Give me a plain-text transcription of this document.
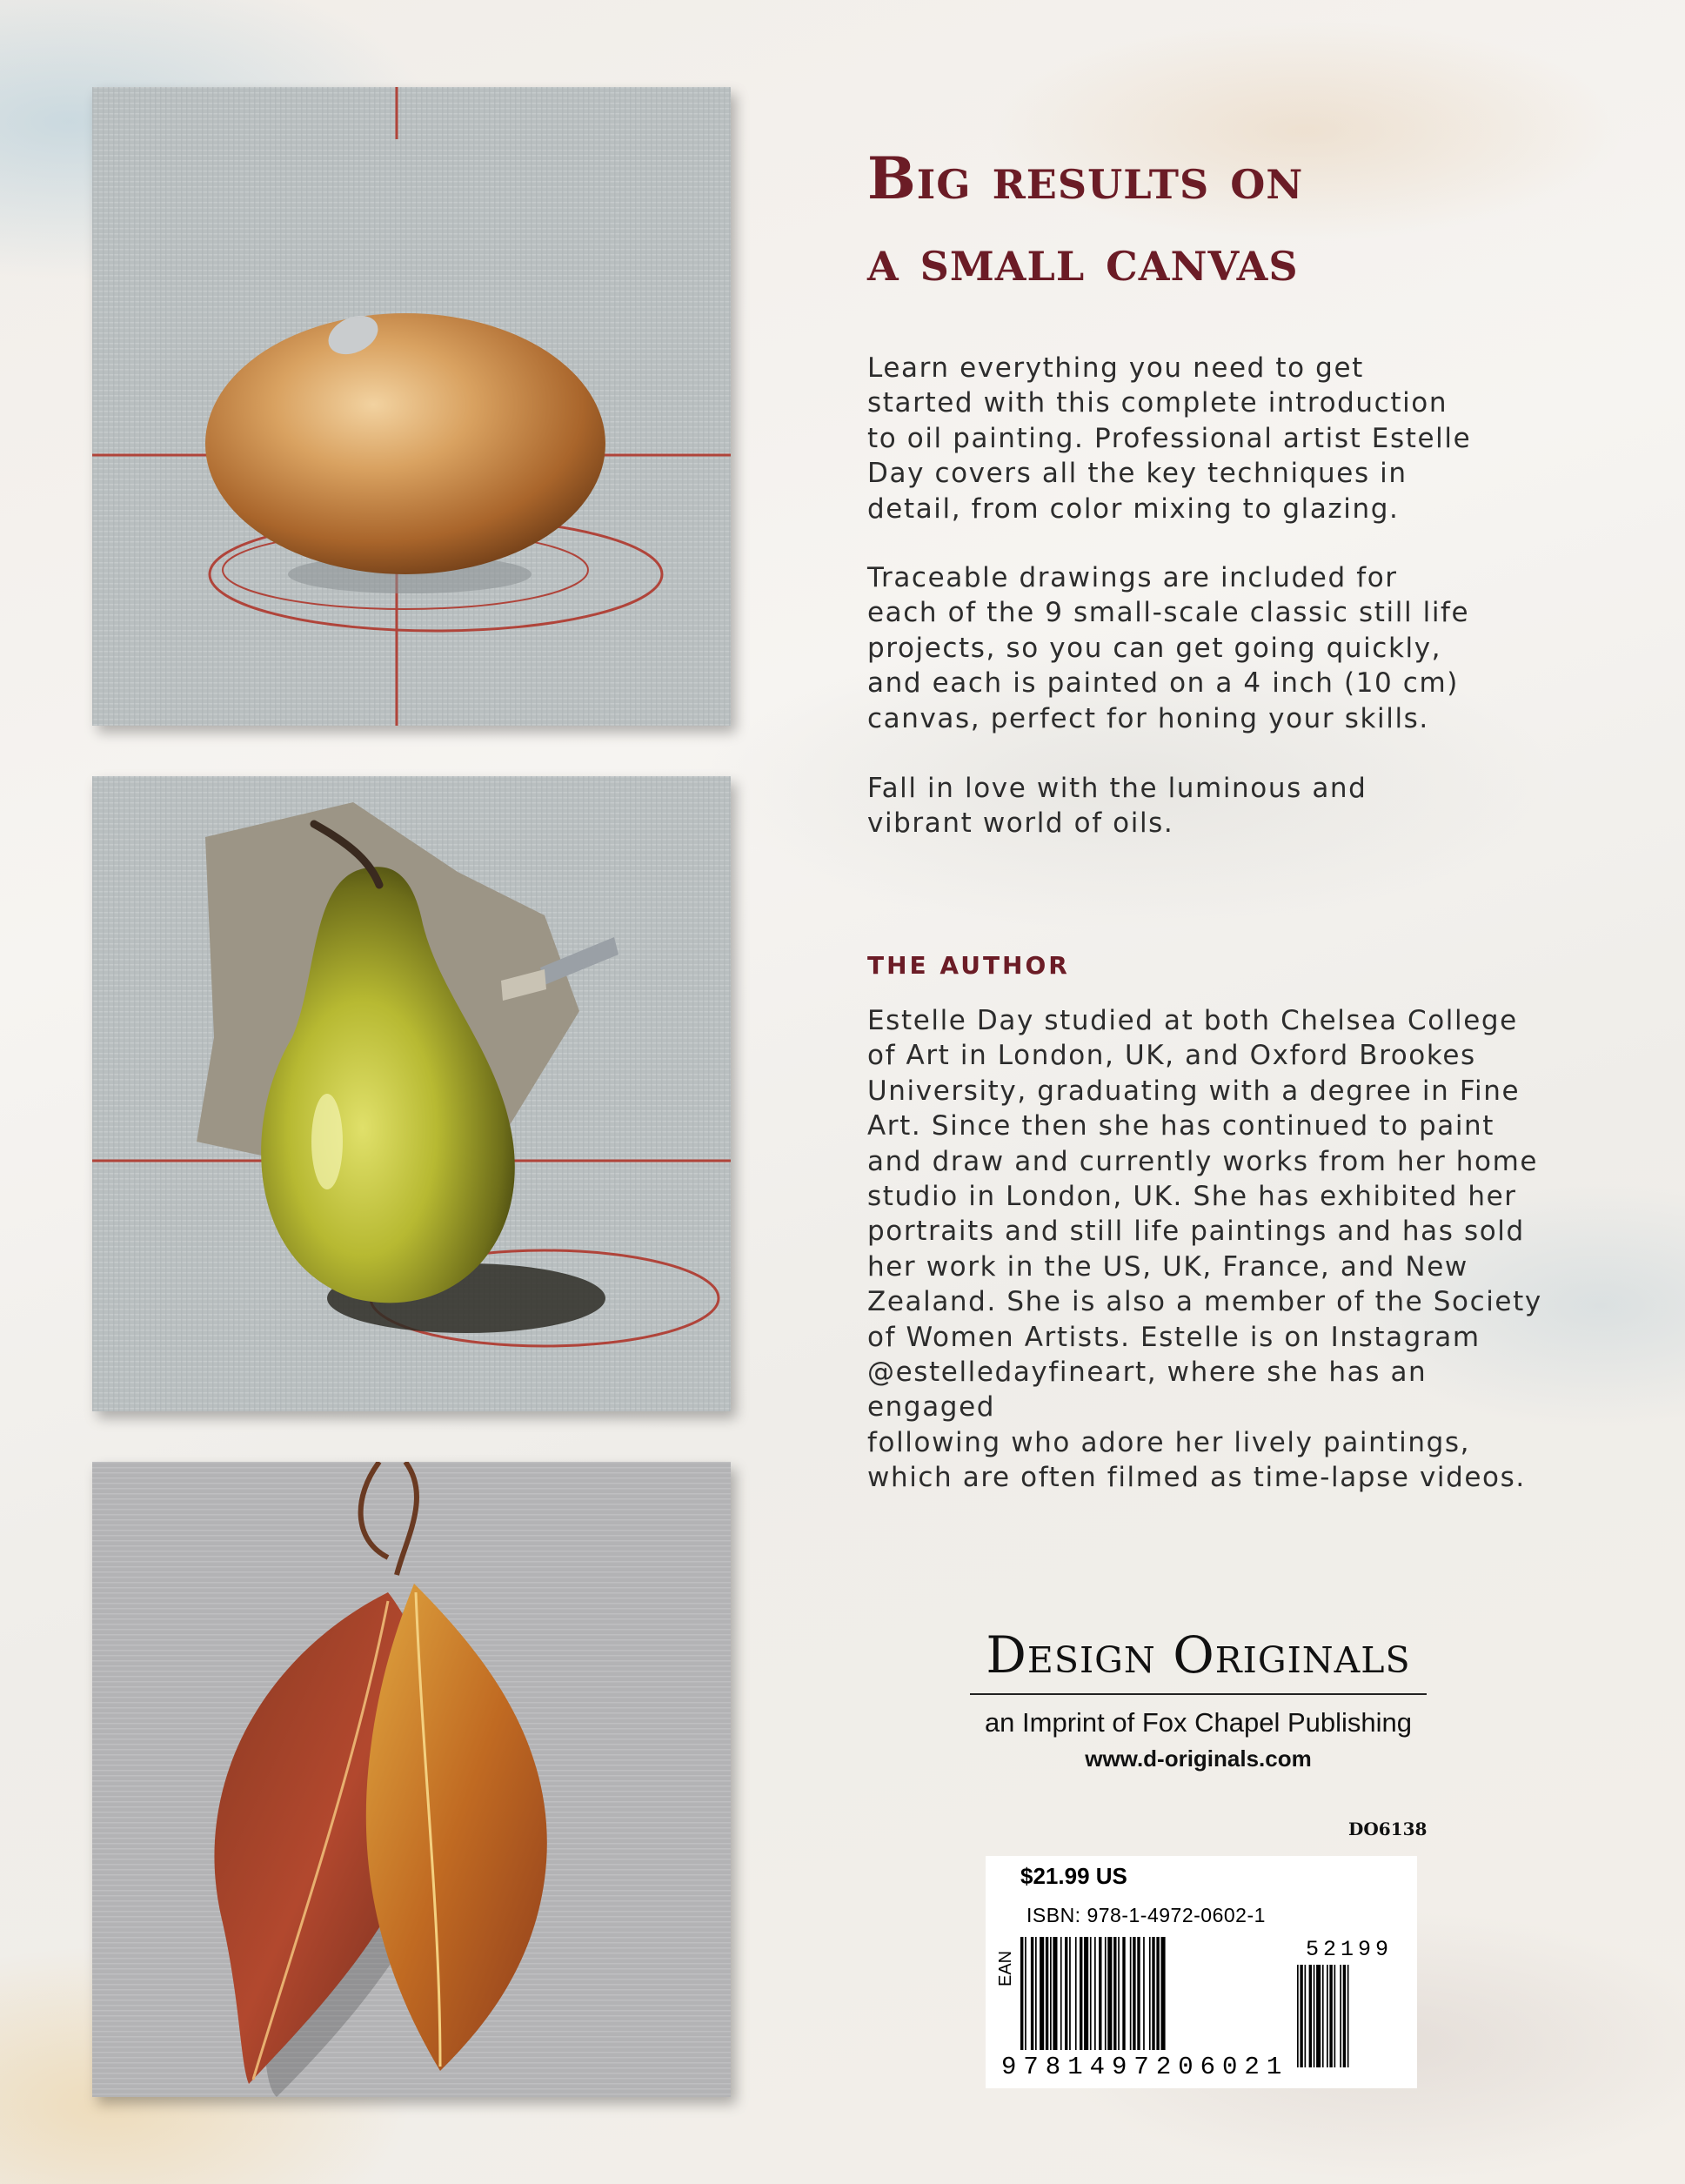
Big results on
a small canvas
Learn everything you need to get
started with this complete introduction
to oil painting. Professional artist Estelle
Day covers all the key techniques in
detail, from color mixing to glazing.
Traceable drawings are included for
each of the 9 small-scale classic still life
projects, so you can get going quickly,
and each is painted on a 4 inch (10 cm)
canvas, perfect for honing your skills.
Fall in love with the luminous and
vibrant world of oils.
THE AUTHOR
Estelle Day studied at both Chelsea College
of Art in London, UK, and Oxford Brookes
University, graduating with a degree in Fine
Art. Since then she has continued to paint
and draw and currently works from her home
studio in London, UK. She has exhibited her
portraits and still life paintings and has sold
her work in the US, UK, France, and New
Zealand. She is also a member of the Society
of Women Artists. Estelle is on Instagram
@estelledayfineart, where she has an engaged
following who adore her lively paintings,
which are often filmed as time-lapse videos.
Design Originals
an Imprint of Fox Chapel Publishing
www.d-originals.com
DO6138
$21.99 US
ISBN: 978-1-4972-0602-1
EAN
9781497206021
52199
